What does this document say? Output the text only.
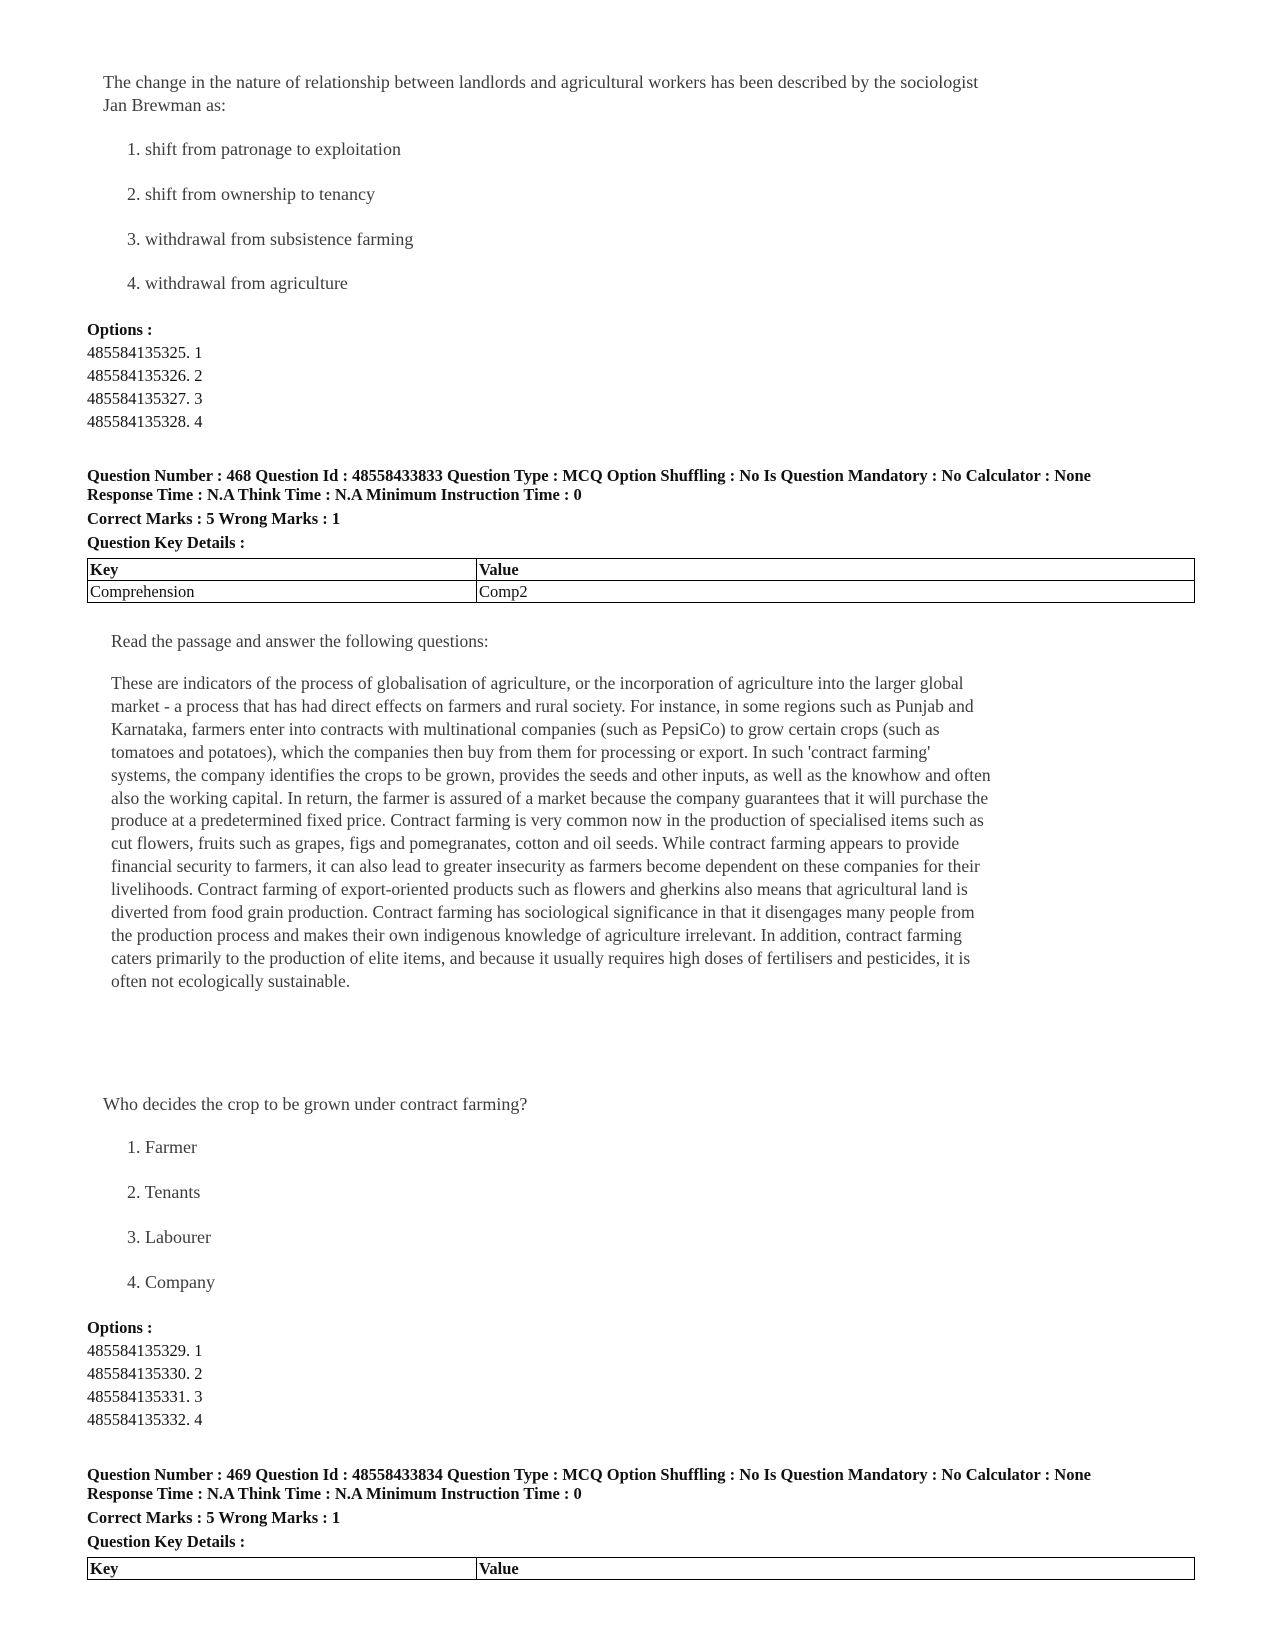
The change in the nature of relationship between landlords and agricultural workers has been described by the sociologist Jan Brewman as:
1. shift from patronage to exploitation
2. shift from ownership to tenancy
3. withdrawal from subsistence farming
4. withdrawal from agriculture
Options :
485584135325. 1
485584135326. 2
485584135327. 3
485584135328. 4
Question Number : 468 Question Id : 48558433833 Question Type : MCQ Option Shuffling : No Is Question Mandatory : No Calculator : None
Response Time : N.A Think Time : N.A Minimum Instruction Time : 0
Correct Marks : 5 Wrong Marks : 1
Question Key Details :
Key	Value
Comprehension	Comp2
Read the passage and answer the following questions:
These are indicators of the process of globalisation of agriculture, or the incorporation of agriculture into the larger global market - a process that has had direct effects on farmers and rural society. For instance, in some regions such as Punjab and Karnataka, farmers enter into contracts with multinational companies (such as PepsiCo) to grow certain crops (such as tomatoes and potatoes), which the companies then buy from them for processing or export. In such 'contract farming' systems, the company identifies the crops to be grown, provides the seeds and other inputs, as well as the knowhow and often also the working capital. In return, the farmer is assured of a market because the company guarantees that it will purchase the produce at a predetermined fixed price. Contract farming is very common now in the production of specialised items such as cut flowers, fruits such as grapes, figs and pomegranates, cotton and oil seeds. While contract farming appears to provide financial security to farmers, it can also lead to greater insecurity as farmers become dependent on these companies for their livelihoods. Contract farming of export-oriented products such as flowers and gherkins also means that agricultural land is diverted from food grain production. Contract farming has sociological significance in that it disengages many people from the production process and makes their own indigenous knowledge of agriculture irrelevant. In addition, contract farming caters primarily to the production of elite items, and because it usually requires high doses of fertilisers and pesticides, it is often not ecologically sustainable.
Who decides the crop to be grown under contract farming?
1. Farmer
2. Tenants
3. Labourer
4. Company
Options :
485584135329. 1
485584135330. 2
485584135331. 3
485584135332. 4
Question Number : 469 Question Id : 48558433834 Question Type : MCQ Option Shuffling : No Is Question Mandatory : No Calculator : None
Response Time : N.A Think Time : N.A Minimum Instruction Time : 0
Correct Marks : 5 Wrong Marks : 1
Question Key Details :
Key	Value
